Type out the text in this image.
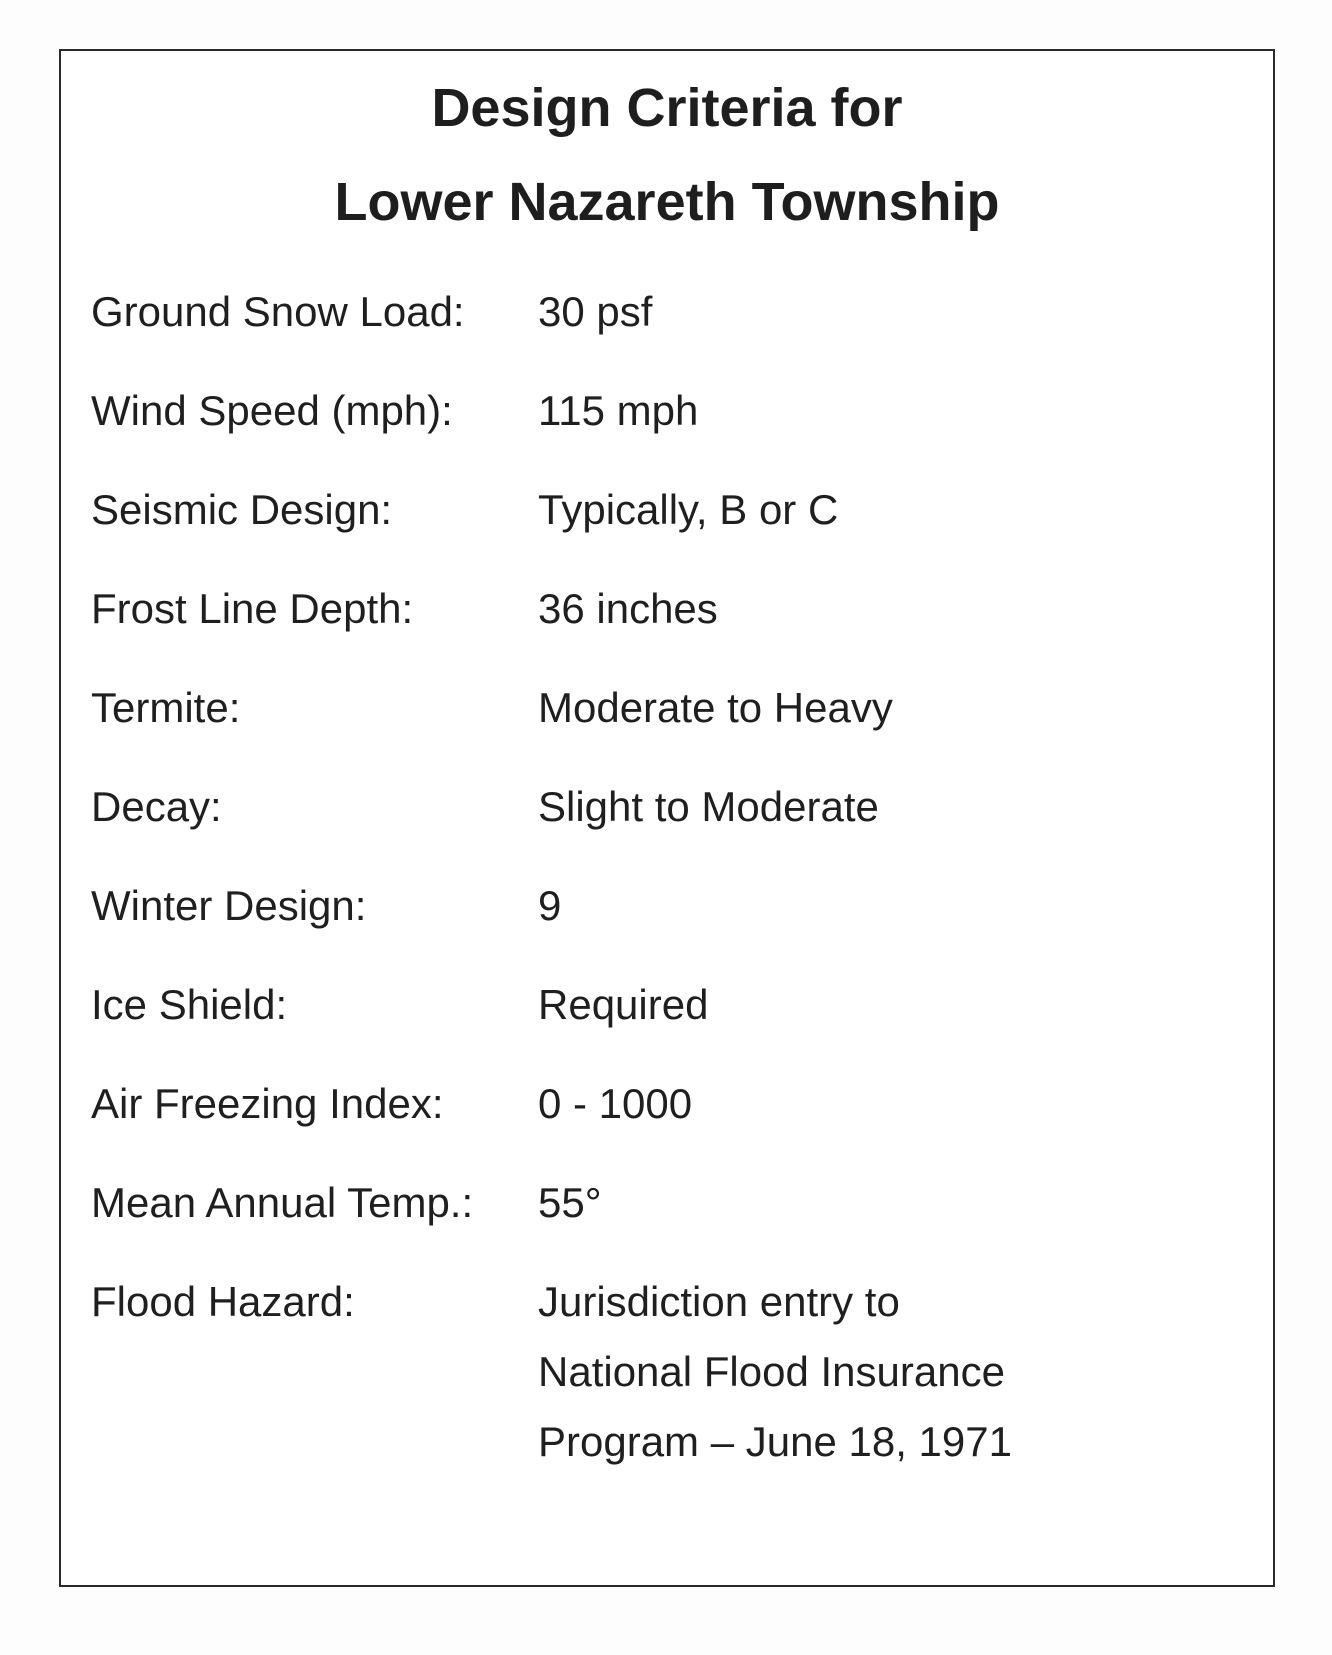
Design Criteria for
Lower Nazareth Township
Ground Snow Load: 30 psf
Wind Speed (mph): 115 mph
Seismic Design:	Typically, B or C
Frost Line Depth:	36 inches
Termite:	Moderate to Heavy
Decay:	Slight to Moderate
Winter Design:	9
Ice Shield:	Required
Air Freezing Index: 0 - 1000
Mean Annual Temp.: 55°
Flood Hazard:	Jurisdiction entry to
National Flood Insurance
Program – June 18, 1971
